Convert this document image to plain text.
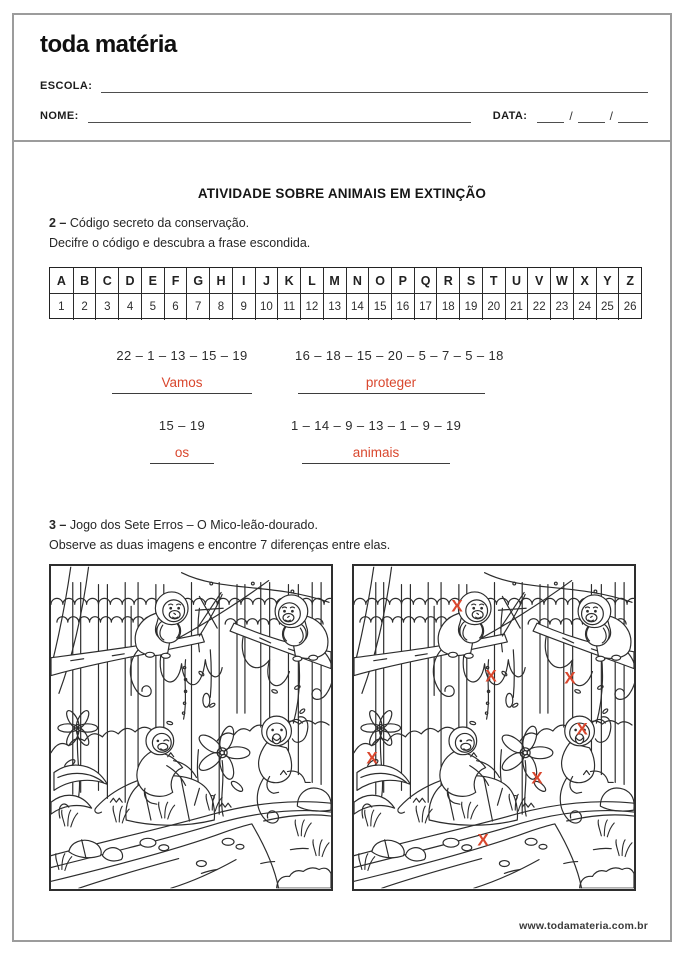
toda matéria
ESCOLA:
NOME:	DATA:	/	/
ATIVIDADE SOBRE ANIMAIS EM EXTINÇÃO
2 – Código secreto da conservação.
Decifre o código e descubra a frase escondida.
A	B	C	D	E	F	G	H	I	J	K	L	M	N	O	P	Q	R	S	T	U	V	W	X	Y	Z
1	2	3	4	5	6	7	8	9	10 11 12 13 14 15 16 17 18 19 20 21 22 23 24 25 26
22 – 1 – 13 – 15 – 19
Vamos
16 – 18 – 15 – 20 – 5 – 7 – 5 – 18
proteger
15 – 19
os
1 – 14 – 9 – 13 – 1 – 9 – 19
animais
3 – Jogo dos Sete Erros – O Mico-leão-dourado.
Observe as duas imagens e encontre 7 diferenças entre elas.
X
X	X
X
X
X
X
www.todamateria.com.br
